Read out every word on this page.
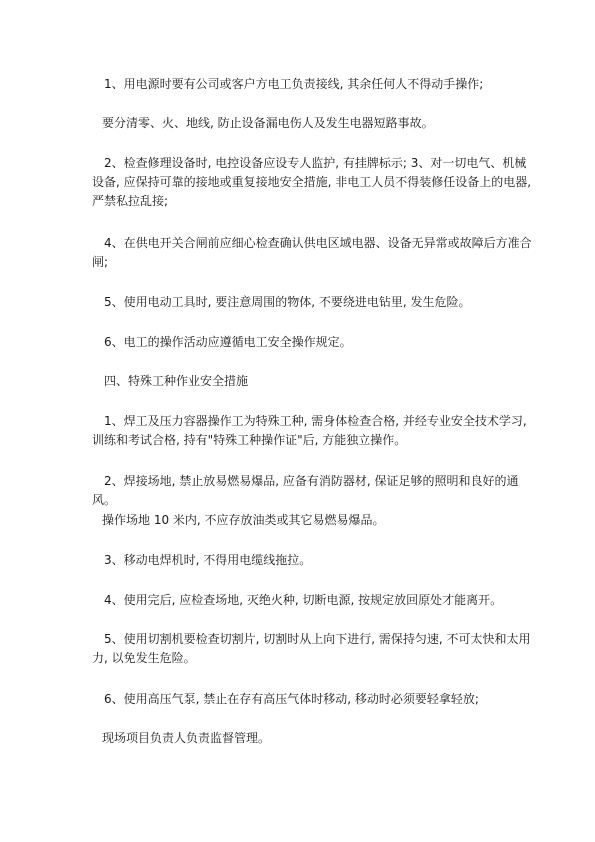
1、用电源时要有公司或客户方电工负责接线, 其余任何人不得动手操作;

要分清零、火、地线, 防止设备漏电伤人及发生电器短路事故。

2、检查修理设备时, 电控设备应设专人监护, 有挂牌标示; 3、对一切电气、机械设备, 应保持可靠的接地或重复接地安全措施, 非电工人员不得装修任设备上的电器, 严禁私拉乱接;

4、在供电开关合闸前应细心检查确认供电区域电器、设备无异常或故障后方准合闸;

5、使用电动工具时, 要注意周围的物体, 不要绕进电钻里, 发生危险。

6、电工的操作活动应遵循电工安全操作规定。

四、特殊工种作业安全措施

1、焊工及压力容器操作工为特殊工种, 需身体检查合格, 并经专业安全技术学习, 训练和考试合格, 持有"特殊工种操作证"后, 方能独立操作。

2、焊接场地, 禁止放易燃易爆品, 应备有消防器材, 保证足够的照明和良好的通风。

操作场地 10 米内, 不应存放油类或其它易燃易爆品。

3、移动电焊机时, 不得用电缆线拖拉。

4、使用完后, 应检查场地, 灭绝火种, 切断电源, 按规定放回原处才能离开。

5、使用切割机要检查切割片, 切割时从上向下进行, 需保持匀速, 不可太快和太用力, 以免发生危险。

6、使用高压气泵, 禁止在存有高压气体时移动, 移动时必须要轻拿轻放;

现场项目负责人负责监督管理。
